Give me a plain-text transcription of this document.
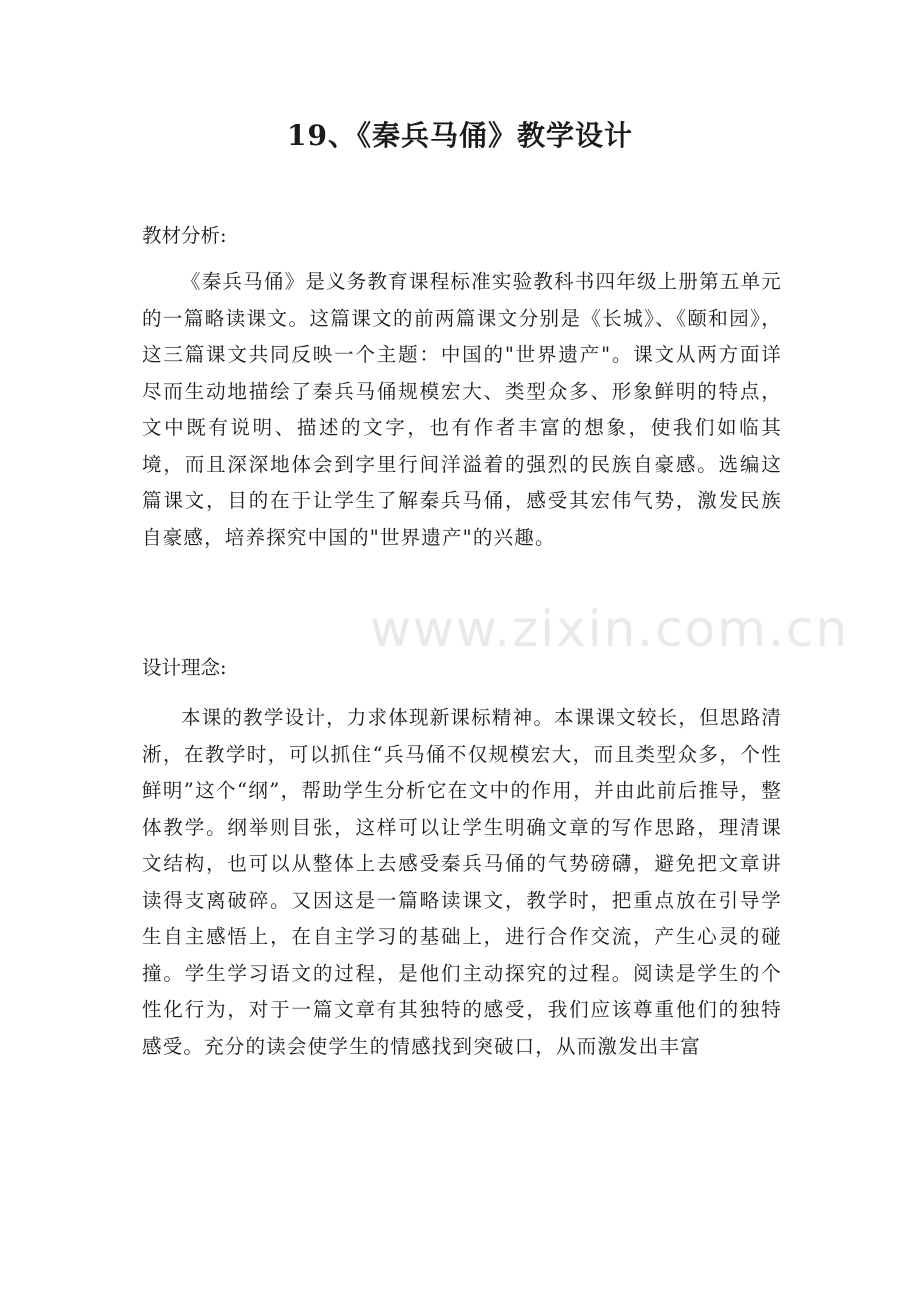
www.zixin.com.cn
19、《秦兵马俑》教学设计
教材分析:

《秦兵马俑》是义务教育课程标准实验教科书四年级上册第五单元的一篇略读课文。这篇课文的前两篇课文分别是《长城》、《颐和园》，这三篇课文共同反映一个主题：中国的"世界遗产"。课文从两方面详尽而生动地描绘了秦兵马俑规模宏大、类型众多、形象鲜明的特点，文中既有说明、描述的文字，也有作者丰富的想象，使我们如临其境，而且深深地体会到字里行间洋溢着的强烈的民族自豪感。选编这篇课文，目的在于让学生了解秦兵马俑，感受其宏伟气势，激发民族自豪感，培养探究中国的"世界遗产"的兴趣。

设计理念:

本课的教学设计，力求体现新课标精神。本课课文较长，但思路清淅，在教学时，可以抓住“兵马俑不仅规模宏大，而且类型众多，个性鲜明”这个“纲”，帮助学生分析它在文中的作用，并由此前后推导，整体教学。纲举则目张，这样可以让学生明确文章的写作思路，理清课文结构，也可以从整体上去感受秦兵马俑的气势磅礴，避免把文章讲读得支离破碎。又因这是一篇略读课文，教学时，把重点放在引导学生自主感悟上，在自主学习的基础上，进行合作交流，产生心灵的碰撞。学生学习语文的过程，是他们主动探究的过程。阅读是学生的个性化行为，对于一篇文章有其独特的感受，我们应该尊重他们的独特感受。充分的读会使学生的情感找到突破口，从而激发出丰富
